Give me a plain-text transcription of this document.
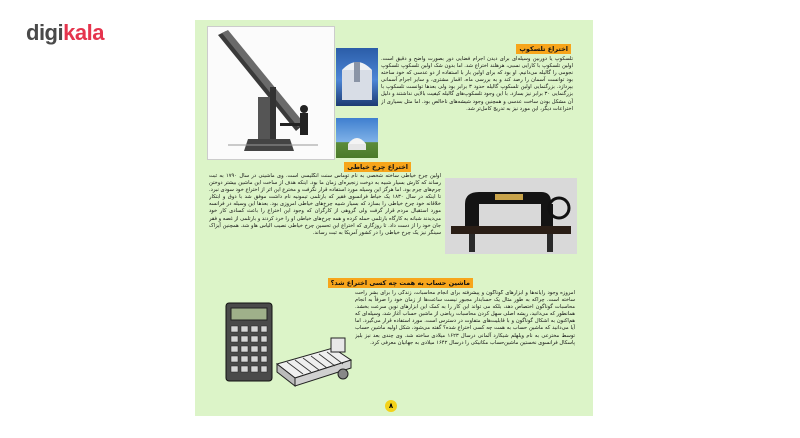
digikala
اختراع تلسکوپ
تلسکوپ یا دوربین وسیله‌ای برای دیدن اجرام فضایی دور بصورت واضح و دقیق است. اولین تلسکوپ با کارایی نسبی، هرهلند اختراع شد. اما بدون شک اولین تلسکوپ تلسکوپ نجومی را گالیله می‌دانیم. او بود که برای اولین بار با استفاده از دو عدسی که خود ساخته بود توانست آسمان را رصد کند و به بررسی ماه، اقمار مشتری، و سایر اجرام آسمانی بپردازد. بزرگنمایی اولین تلسکوپ گالیله حدود ۳ برابر بود ولی بعدها توانست تلسکوپ با بزرگنمایی ۳۰ برابر نیز بسازد. با این وجود تلسکوپ‌های گالیله کیفیت بالایی نداشتند و دلیل آن مشکل بودن ساخت عدسی و همچنین وجود شیشه‌های ناخالص بود. اما مثل بسیاری از اختراعات دیگر، این مورد نیز به تدریج کامل‌تر شد.
اختراع چرخ خیاطی
اولین چرخ خیاطی ساخته شخصی به نام توماس سنت انگلیسی است. وی ماشینی در سال ۱۷۹۰ به ثبت رساند که کارش بسیار شبیه به دوخت زنجیره‌ای زمان ما بود. اینکه هدف از ساخت این ماشین بیشتر دوختن چرم‌های چرم بود. اما هرگز این وسیله مورد استفاده قرار نگرفت و مخترع این اثر از اختراع خود سودی نبرد. تا اینکه در سال ۱۸۳۰ یک خیاط فرانسوی فقیر که بارتلمی تیمونیه نام داشت موفق شد با ذوق و ابتکار خلاقانه خود چرخ خیاطی را بسازد که بسیار شبیه چرخ‌های خیاطی امروزی بود. بعدها این وسیله در فرانسه مورد استقبال مردم قرار گرفت ولی گروهی از کارگران که وجود این اختراع را باعث کسادی کار خود می‌دیدند شبانه به کارگاه بارتلمی حمله کرده و همه چرخ‌های خیاطی او را خرد کردند و بارتلمی از غصه و فقر جان خود را از دست داد. تا روزگاری که اختراع این تحسین چرخ خیاطی نصیب الیاس هاو شد. همچنین آیزاک سینگر نیز یک چرخ خیاطی را در کشور آمریکا به ثبت رساند.
ماشین حساب به همت چه کسی اختراع شد؟
امروزه وجود رایانه‌ها و ابزارهای گوناگون و پیشرفته برای انجام محاسبات، زندگی را برای بشر راحت ساخته است. چراکه به طور مثال یک حسابدار مجبور نیست ساعت‌ها از زمان خود را صرفاً به انجام محاسبات گوناگون اختصاص دهد، بلکه می تواند این کار را به کمک این ابزارهای نوین سرعت بخشد. همانطور که می‌دانید، ریشه اصلی سهل کردن محاسبات ریاضی از ماشین حساب آغاز شد، وسیله‌ای که هم‌اکنون به اشکال گوناگون و با قابلیت‌های متفاوت در دسترس است. مورد استفاده قرار می‌گیرد. اما آیا می‌دانید که ماشین حساب به همت چه کسی اختراع شده؟ گفته می‌شود، شکل اولیه ماشین حساب توسط مخترعی به نام ویلهلم شیکارد آلمانی درسال ۱۶۲۳ میلادی ساخته شد. وی چندی بعد نیز بلیز پاسکال فرانسوی نخستین ماشین‌حساب مکانیکی را درسال ۱۶۴۲ میلادی به جهانیان معرفی کرد.
۸
